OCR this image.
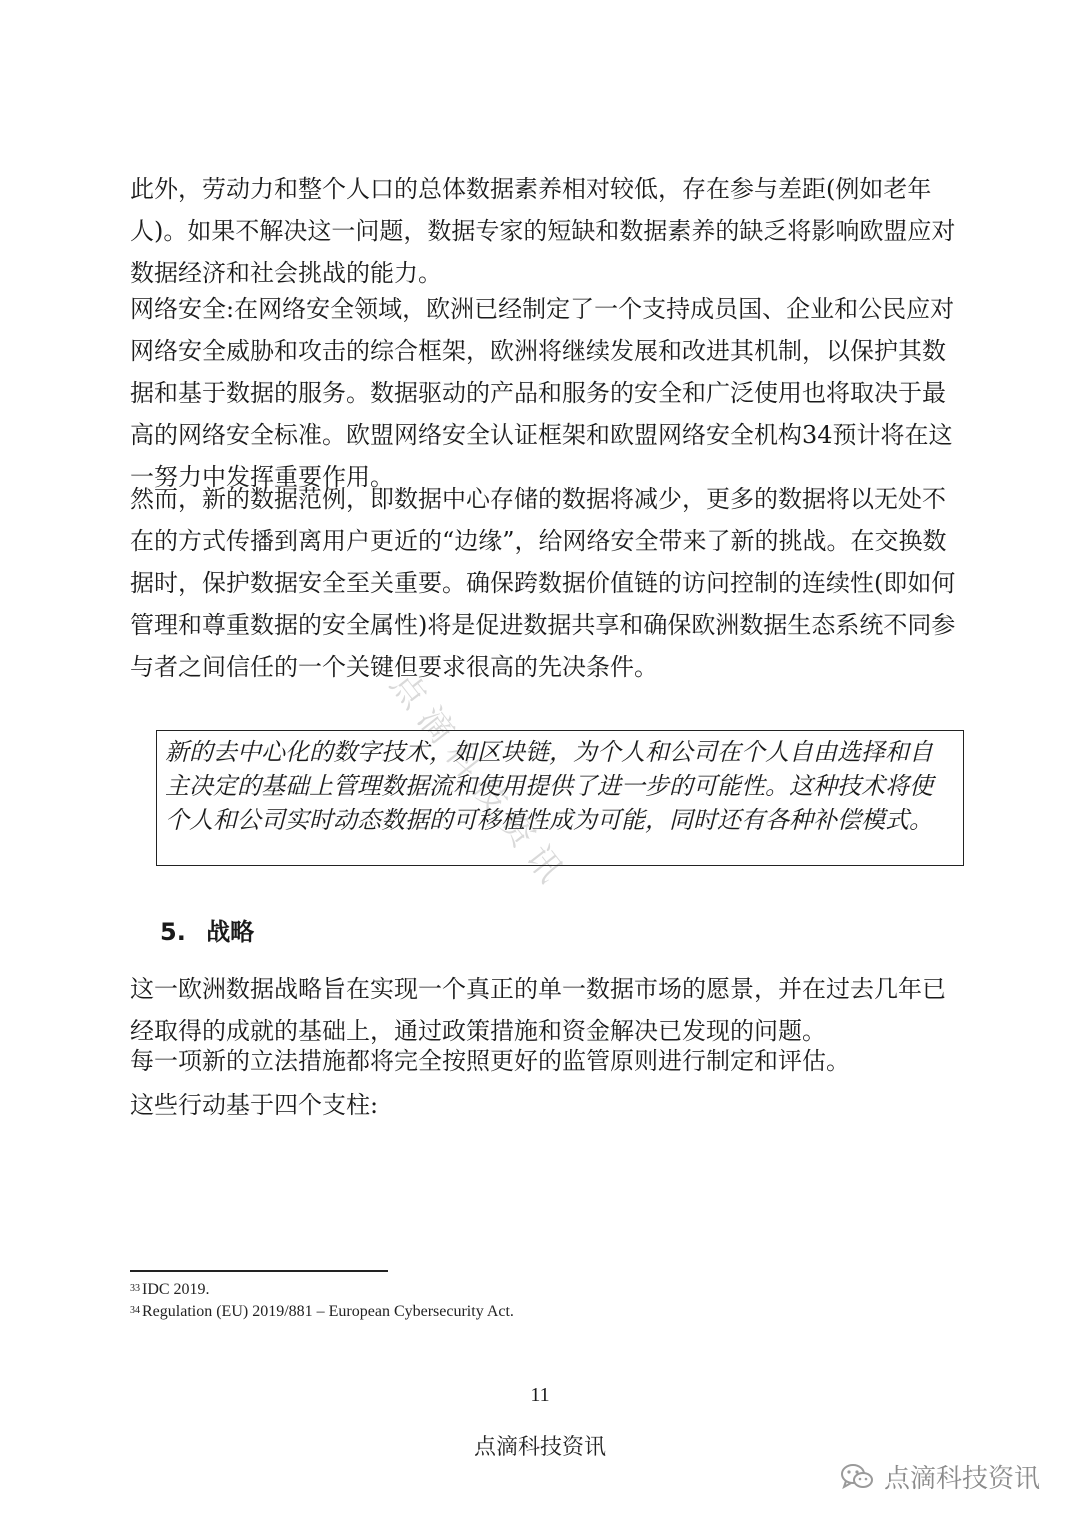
此外，劳动力和整个人口的总体数据素养相对较低，存在参与差距(例如老年人)。如果不解决这一问题，数据专家的短缺和数据素养的缺乏将影响欧盟应对数据经济和社会挑战的能力。

网络安全:在网络安全领域，欧洲已经制定了一个支持成员国、企业和公民应对网络安全威胁和攻击的综合框架，欧洲将继续发展和改进其机制，以保护其数据和基于数据的服务。数据驱动的产品和服务的安全和广泛使用也将取决于最高的网络安全标准。欧盟网络安全认证框架和欧盟网络安全机构34预计将在这一努力中发挥重要作用。

然而，新的数据范例，即数据中心存储的数据将减少，更多的数据将以无处不在的方式传播到离用户更近的“边缘”，给网络安全带来了新的挑战。在交换数据时，保护数据安全至关重要。确保跨数据价值链的访问控制的连续性(即如何管理和尊重数据的安全属性)将是促进数据共享和确保欧洲数据生态系统不同参与者之间信任的一个关键但要求很高的先决条件。

点滴科技资讯
新的去中心化的数字技术，如区块链，为个人和公司在个人自由选择和自主决定的基础上管理数据流和使用提供了进一步的可能性。这种技术将使个人和公司实时动态数据的可移植性成为可能，同时还有各种补偿模式。
5. 战略

这一欧洲数据战略旨在实现一个真正的单一数据市场的愿景，并在过去几年已经取得的成就的基础上，通过政策措施和资金解决已发现的问题。

每一项新的立法措施都将完全按照更好的监管原则进行制定和评估。

这些行动基于四个支柱:

$^{33}$ IDC 2019.
$^{34}$ Regulation (EU) 2019/881 – European Cybersecurity Act.
11
点滴科技资讯
点滴科技资讯
